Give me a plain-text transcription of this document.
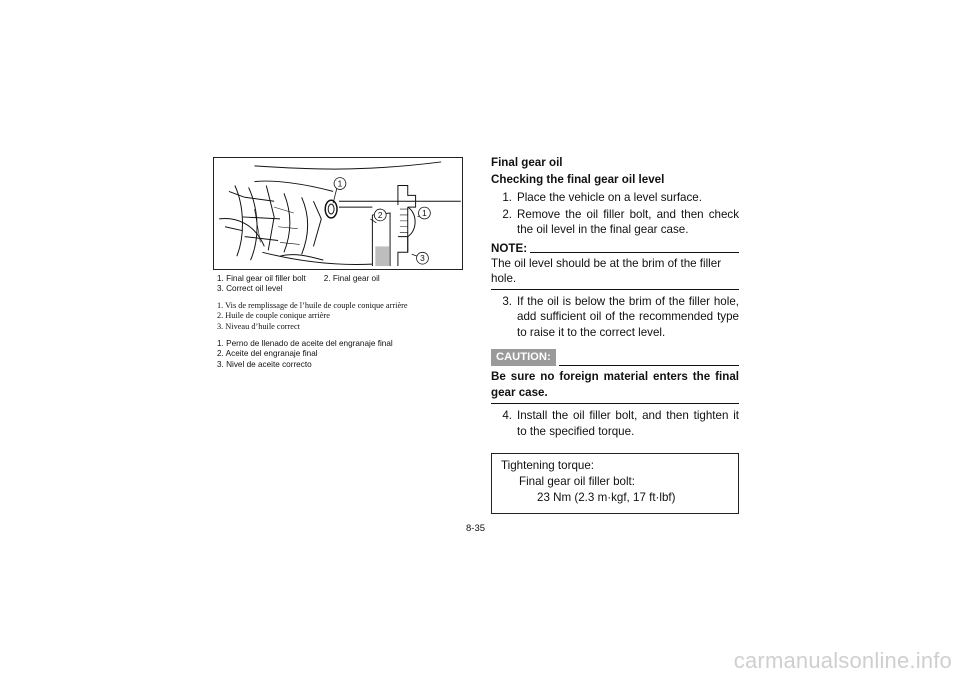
1
2	1
3
1. Final gear oil filler bolt 2. Final gear oil
3. Correct oil level
1. Vis de remplissage de l’huile de couple conique arrière
2. Huile de couple conique arrière
3. Niveau d’huile correct
1. Perno de llenado de aceite del engranaje final
2. Aceite del engranaje final
3. Nivel de aceite correcto
Final gear oil
Checking the final gear oil level
1. Place the vehicle on a level surface.
2. Remove the oil filler bolt, and then check the oil level in the final gear case.
NOTE:
The oil level should be at the brim of the filler hole.
3. If the oil is below the brim of the filler hole, add sufficient oil of the recommended type to raise it to the correct level.
CAUTION:
Be sure no foreign material enters the final gear case.
4. Install the oil filler bolt, and then tighten it to the specified torque.
Tightening torque:
Final gear oil filler bolt:
23 Nm (2.3 m·kgf, 17 ft·lbf)
8-35
carmanualsonline.info
